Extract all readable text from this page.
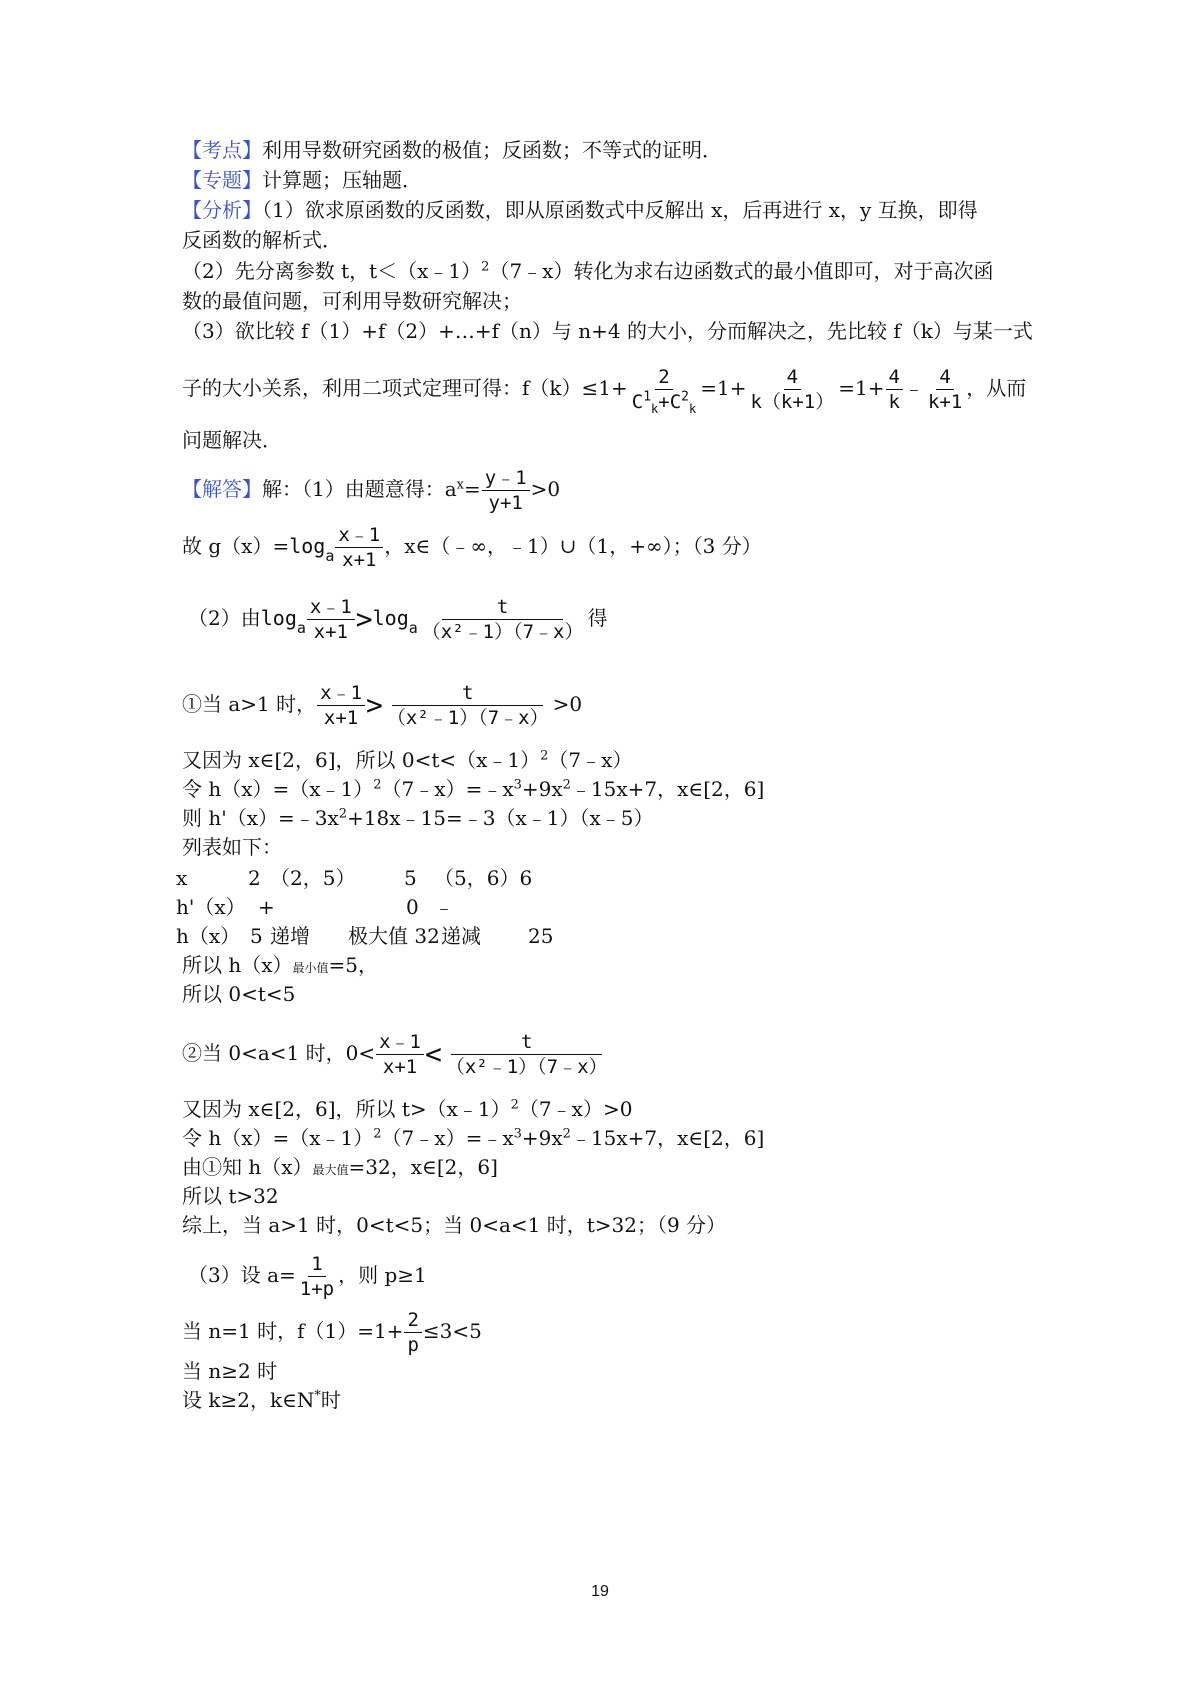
【考点】利用导数研究函数的极值；反函数；不等式的证明．
【专题】计算题；压轴题．
【分析】（1）欲求原函数的反函数，即从原函数式中反解出 x，后再进行 x，y 互换，即得
反函数的解析式．
（2）先分离参数 t，t＜（x﹣1）$^2$（7﹣x）转化为求右边函数式的最小值即可，对于高次函
数的最值问题，可利用导数研究解决；
（3）欲比较 f（1）+f（2）+…+f（n）与 n+4 的大小，分而解决之，先比较 f（k）与某一式
子的大小关系，利用二项式定理可得：$f(k)\le 1+ \frac{2}{C^1_k+C^2_k} =1+ \frac{4}{k(k+1)} =1+ \frac{4}{k}$ ﹣ $\frac{4}{k+1}$ ，从而
问题解决．
【解答】解：（1）由题意得：$a^x= \frac{y﹣1}{y+1} >0$
故 $g(x)=\log_a \frac{x﹣1}{x+1}$ ，x∈（﹣∞，﹣1）∪（1，+∞）；（3 分）
（2）由$\log_a \frac{x﹣1}{x+1} >\log_a \frac{t}{\text{（x²﹣1）（7﹣x）}}$ 得
①当 a>1 时， $\frac{x﹣1}{x+1} > \frac{t}{\text{（x²﹣1）（7﹣x）}} >0$
又因为 x∈[2，6]，所以 0<t<（x﹣1）$^2$（7﹣x）
令 $h(x)=(x﹣1)^2(7﹣x)=﹣x^3+9x^2﹣15x+7$，x∈[2，6]
则 $h'(x)=﹣3x^2+18x﹣15=﹣3(x﹣1)(x﹣5)$
列表如下：
x	2 （2，5） 5 （5，6）6
h'（x） +	0 ﹣
h（x） 5 递增 极大值 32 递减 25
所以 h（x）最小值=5，
所以 0<t<5
②当 0<a<1 时，$0< \frac{x﹣1}{x+1} < \frac{t}{\text{（x²﹣1）（7﹣x）}}$
又因为 x∈[2，6]，所以 t>（x﹣1）$^2$（7﹣x）>0
令 $h(x)=(x﹣1)^2(7﹣x)=﹣x^3+9x^2﹣15x+7$，x∈[2，6]
由①知 h（x）最大值=32，x∈[2，6]
所以 t>32
综上，当 a>1 时，0<t<5；当 0<a<1 时，t>32；（9 分）
（3）设 $a= \frac{1}{1+p}$ ，则 p≥1
当 n=1 时，$f(1)=1+ \frac{2}{p} \le 3<5$
当 n≥2 时
设 k≥2，k∈N*时
19
